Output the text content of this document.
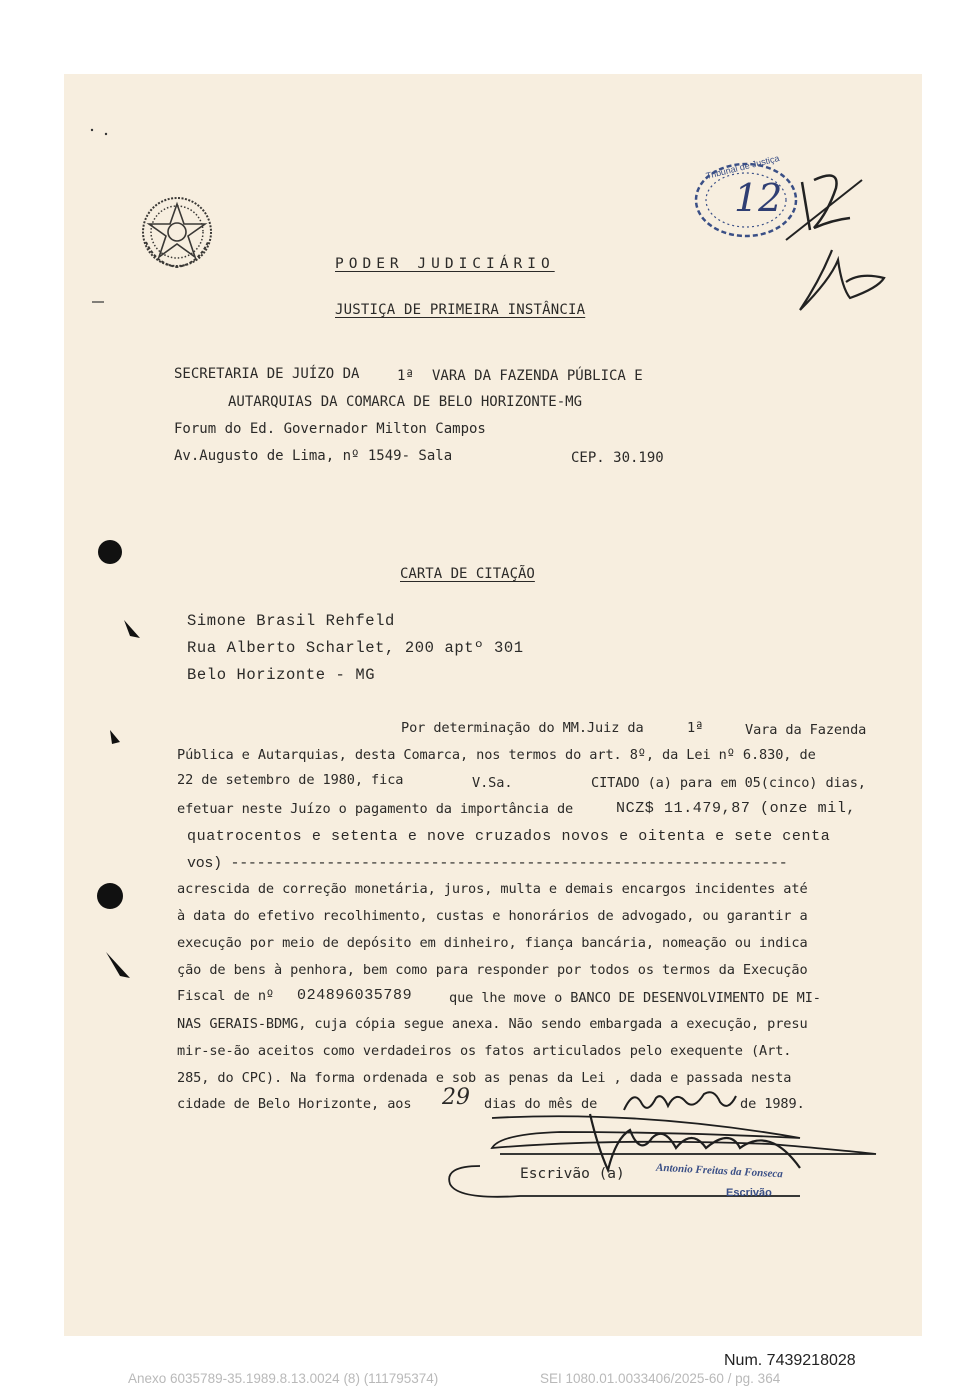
Tribunal de Justiça
12
PODER JUDICIÁRIO
JUSTIÇA DE PRIMEIRA INSTÂNCIA
SECRETARIA DE JUÍZO DA	1ª VARA DA FAZENDA PÚBLICA E
AUTARQUIAS DA COMARCA DE BELO HORIZONTE-MG
Forum do Ed. Governador Milton Campos
Av.Augusto de Lima, nº 1549- Sala	CEP. 30.190
CARTA DE CITAÇÃO
Simone Brasil Rehfeld
Rua Alberto Scharlet, 200 aptº 301
Belo Horizonte - MG
Por determinação do MM.Juiz da	1ª	Vara da Fazenda
Pública e Autarquias, desta Comarca, nos termos do art. 8º, da Lei nº 6.830, de
22 de setembro de 1980, fica	V.Sa.	CITADO (a) para em 05(cinco) dias,
efetuar neste Juízo o pagamento da importância de	NCZ$ 11.479,87 (onze mil,
quatrocentos e setenta e nove cruzados novos e oitenta e sete centa
vos) ----------------------------------------------------------------
acrescida de correção monetária, juros, multa e demais encargos incidentes até
à data do efetivo recolhimento, custas e honorários de advogado, ou garantir a
execução por meio de depósito em dinheiro, fiança bancária, nomeação ou indica
ção de bens à penhora, bem como para responder por todos os termos da Execução
Fiscal de nº 024896035789	que lhe move o BANCO DE DESENVOLVIMENTO DE MI-
NAS GERAIS-BDMG, cuja cópia segue anexa. Não sendo embargada a execução, presu
mir-se-ão aceitos como verdadeiros os fatos articulados pelo exequente (Art.
285, do CPC). Na forma ordenada e sob as penas da Lei , dada e passada nesta
cidade de Belo Horizonte, aos 29 dias do mês de	de 1989.
Escrivão (a)	Antonio Freitas da Fonseca
Escrivão
Num. 7439218028
Anexo 6035789-35.1989.8.13.0024 (8) (111795374)	SEI 1080.01.0033406/2025-60 / pg. 364
